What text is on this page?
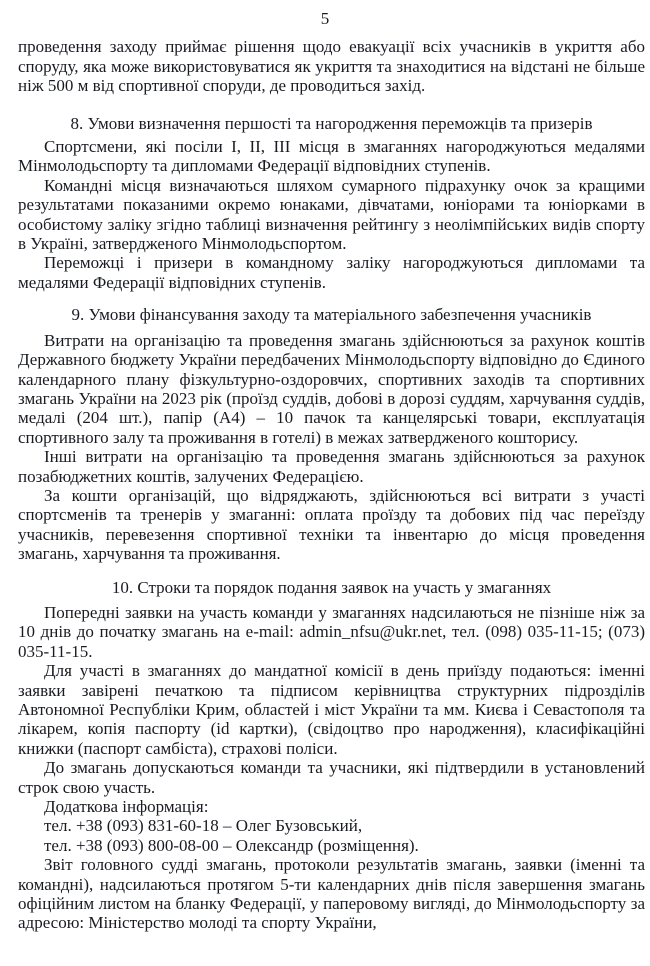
5

проведення заходу приймає рішення щодо евакуації всіх учасників в укриття або споруду, яка може використовуватися як укриття та знаходитися на відстані не більше ніж 500 м від спортивної споруди, де проводиться захід.

8. Умови визначення першості та нагородження переможців та призерів

Спортсмени, які посіли І, ІІ, ІІІ місця в змаганнях нагороджуються медалями Мінмолодьспорту та дипломами Федерації відповідних ступенів.

Командні місця визначаються шляхом сумарного підрахунку очок за кращими результатами показаними окремо юнаками, дівчатами, юніорами та юніорками в особистому заліку згідно таблиці визначення рейтингу з неолімпійських видів спорту в Україні, затвердженого Мінмолодьспортом.

Переможці і призери в командному заліку нагороджуються дипломами та медалями Федерації відповідних ступенів.

9. Умови фінансування заходу та матеріального забезпечення учасників

Витрати на організацію та проведення змагань здійснюються за рахунок коштів Державного бюджету України передбачених Мінмолодьспорту відповідно до Єдиного календарного плану фізкультурно-оздоровчих, спортивних заходів та спортивних змагань України на 2023 рік (проїзд суддів, добові в дорозі суддям, харчування суддів, медалі (204 шт.), папір (А4) – 10 пачок та канцелярські товари, експлуатація спортивного залу та проживання в готелі) в межах затвердженого кошторису.

Інші витрати на організацію та проведення змагань здійснюються за рахунок позабюджетних коштів, залучених Федерацією.

За кошти організацій, що відряджають, здійснюються всі витрати з участі спортсменів та тренерів у змаганні: оплата проїзду та добових під час переїзду учасників, перевезення спортивної техніки та інвентарю до місця проведення змагань, харчування та проживання.

10. Строки та порядок подання заявок на участь у змаганнях

Попередні заявки на участь команди у змаганнях надсилаються не пізніше ніж за 10 днів до початку змагань на e-mail: admin_nfsu@ukr.net, тел. (098) 035-11-15; (073) 035-11-15.

Для участі в змаганнях до мандатної комісії в день приїзду подаються: іменні заявки завірені печаткою та підписом керівництва структурних підрозділів Автономної Республіки Крим, областей і міст України та мм. Києва і Севастополя та лікарем, копія паспорту (id картки), (свідоцтво про народження), класифікаційні книжки (паспорт самбіста), страхові поліси.

До змагань допускаються команди та учасники, які підтвердили в установлений строк свою участь.

Додаткова інформація:

тел. +38 (093) 831-60-18 – Олег Бузовський,

тел. +38 (093) 800-08-00 – Олександр (розміщення).

Звіт головного судді змагань, протоколи результатів змагань, заявки (іменні та командні), надсилаються протягом 5-ти календарних днів після завершення змагань офіційним листом на бланку Федерації, у паперовому вигляді, до Мінмолодьспорту за адресою: Міністерство молоді та спорту України,
